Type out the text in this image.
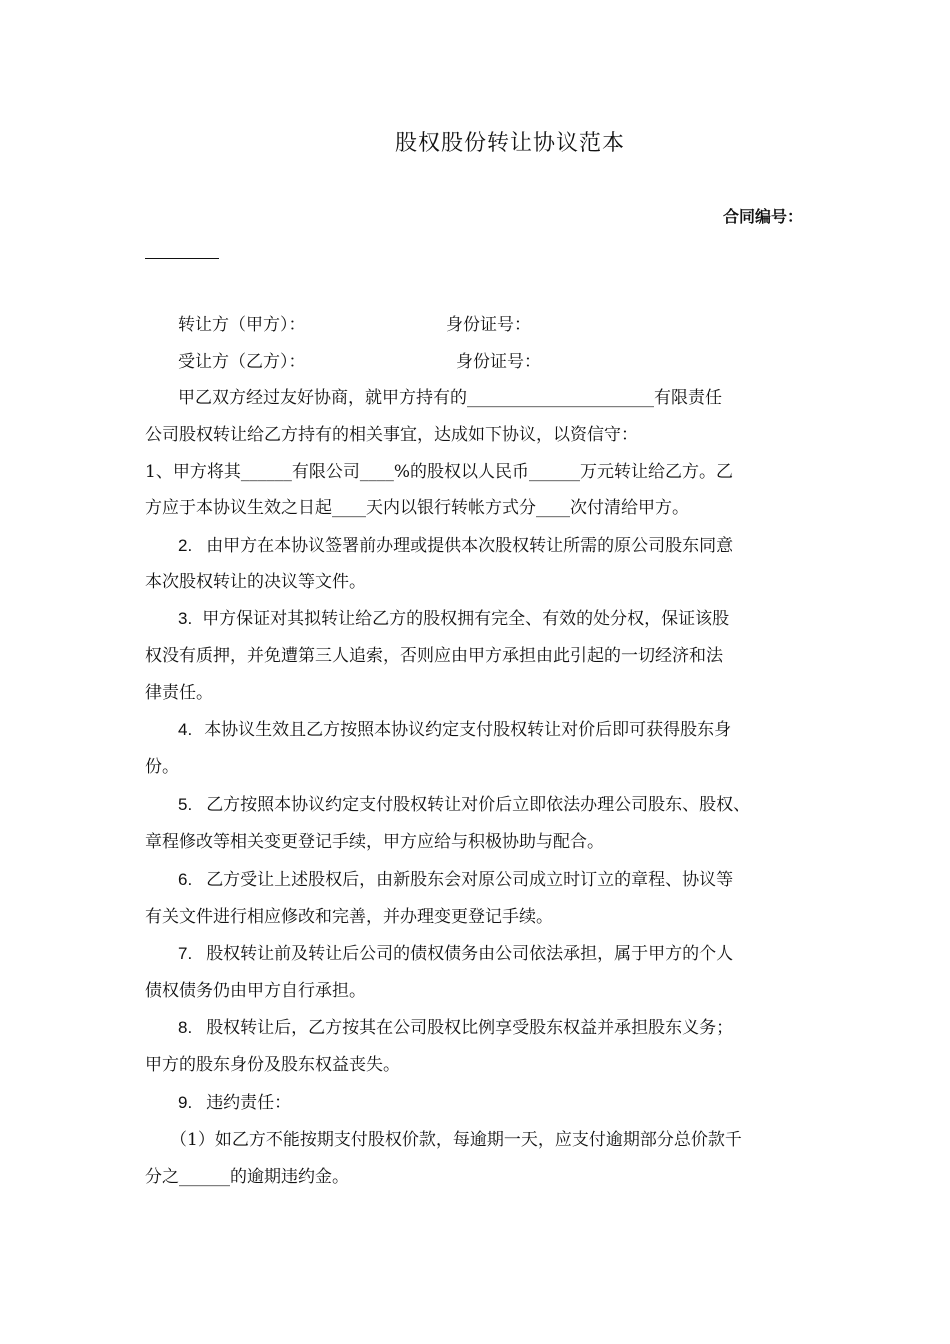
股权股份转让协议范本
合同编号：
转让方（甲方）：	身份证号：
受让方（乙方）：	身份证号：
甲乙双方经过友好协商，就甲方持有的______________________有限责任
公司股权转让给乙方持有的相关事宜，达成如下协议，以资信守：
1、甲方将其______有限公司____%的股权以人民币______万元转让给乙方。乙
方应于本协议生效之日起____天内以银行转帐方式分____次付清给甲方。
2. 由甲方在本协议签署前办理或提供本次股权转让所需的原公司股东同意
本次股权转让的决议等文件。
3. 甲方保证对其拟转让给乙方的股权拥有完全、有效的处分权，保证该股
权没有质押，并免遭第三人追索，否则应由甲方承担由此引起的一切经济和法
律责任。
4. 本协议生效且乙方按照本协议约定支付股权转让对价后即可获得股东身
份。
5. 乙方按照本协议约定支付股权转让对价后立即依法办理公司股东、股权、
章程修改等相关变更登记手续，甲方应给与积极协助与配合。
6. 乙方受让上述股权后，由新股东会对原公司成立时订立的章程、协议等
有关文件进行相应修改和完善，并办理变更登记手续。
7. 股权转让前及转让后公司的债权债务由公司依法承担，属于甲方的个人
债权债务仍由甲方自行承担。
8. 股权转让后，乙方按其在公司股权比例享受股东权益并承担股东义务；
甲方的股东身份及股东权益丧失。
9. 违约责任：
（1）如乙方不能按期支付股权价款，每逾期一天，应支付逾期部分总价款千
分之______的逾期违约金。
